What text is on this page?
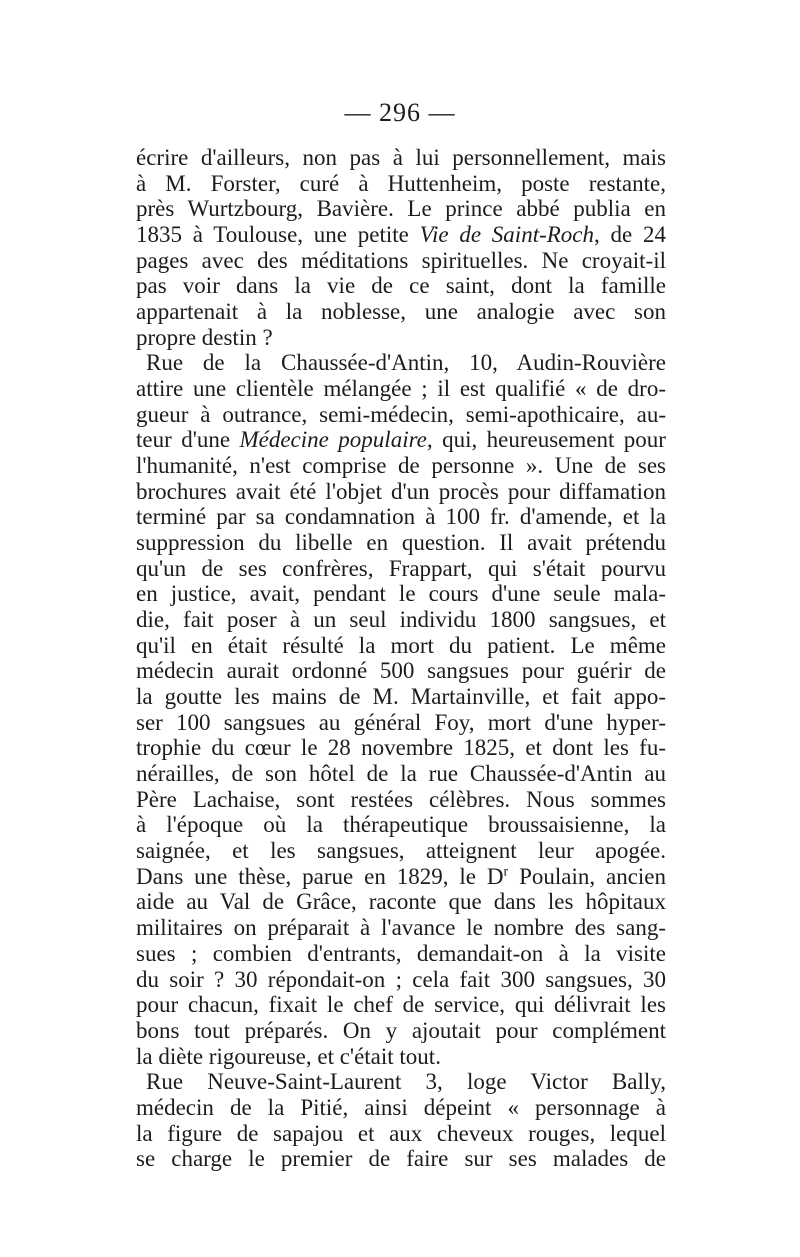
— 296 —
écrire d'ailleurs, non pas à lui personnellement, mais
à M. Forster, curé à Huttenheim, poste restante,
près Wurtzbourg, Bavière. Le prince abbé publia en
1835 à Toulouse, une petite Vie de Saint-Roch, de 24
pages avec des méditations spirituelles. Ne croyait-il
pas voir dans la vie de ce saint, dont la famille
appartenait à la noblesse, une analogie avec son
propre destin ?
Rue de la Chaussée-d'Antin, 10, Audin-Rouvière
attire une clientèle mélangée ; il est qualifié « de dro-
gueur à outrance, semi-médecin, semi-apothicaire, au-
teur d'une Médecine populaire, qui, heureusement pour
l'humanité, n'est comprise de personne ». Une de ses
brochures avait été l'objet d'un procès pour diffamation
terminé par sa condamnation à 100 fr. d'amende, et la
suppression du libelle en question. Il avait prétendu
qu'un de ses confrères, Frappart, qui s'était pourvu
en justice, avait, pendant le cours d'une seule mala-
die, fait poser à un seul individu 1800 sangsues, et
qu'il en était résulté la mort du patient. Le même
médecin aurait ordonné 500 sangsues pour guérir de
la goutte les mains de M. Martainville, et fait appo-
ser 100 sangsues au général Foy, mort d'une hyper-
trophie du cœur le 28 novembre 1825, et dont les fu-
nérailles, de son hôtel de la rue Chaussée-d'Antin au
Père Lachaise, sont restées célèbres. Nous sommes
à l'époque où la thérapeutique broussaisienne, la
saignée, et les sangsues, atteignent leur apogée.
Dans une thèse, parue en 1829, le $D^r$ Poulain, ancien
aide au Val de Grâce, raconte que dans les hôpitaux
militaires on préparait à l'avance le nombre des sang-
sues ; combien d'entrants, demandait-on à la visite
du soir ? 30 répondait-on ; cela fait 300 sangsues, 30
pour chacun, fixait le chef de service, qui délivrait les
bons tout préparés. On y ajoutait pour complément
la diète rigoureuse, et c'était tout.
Rue Neuve-Saint-Laurent 3, loge Victor Bally,
médecin de la Pitié, ainsi dépeint « personnage à
la figure de sapajou et aux cheveux rouges, lequel
se charge le premier de faire sur ses malades de
